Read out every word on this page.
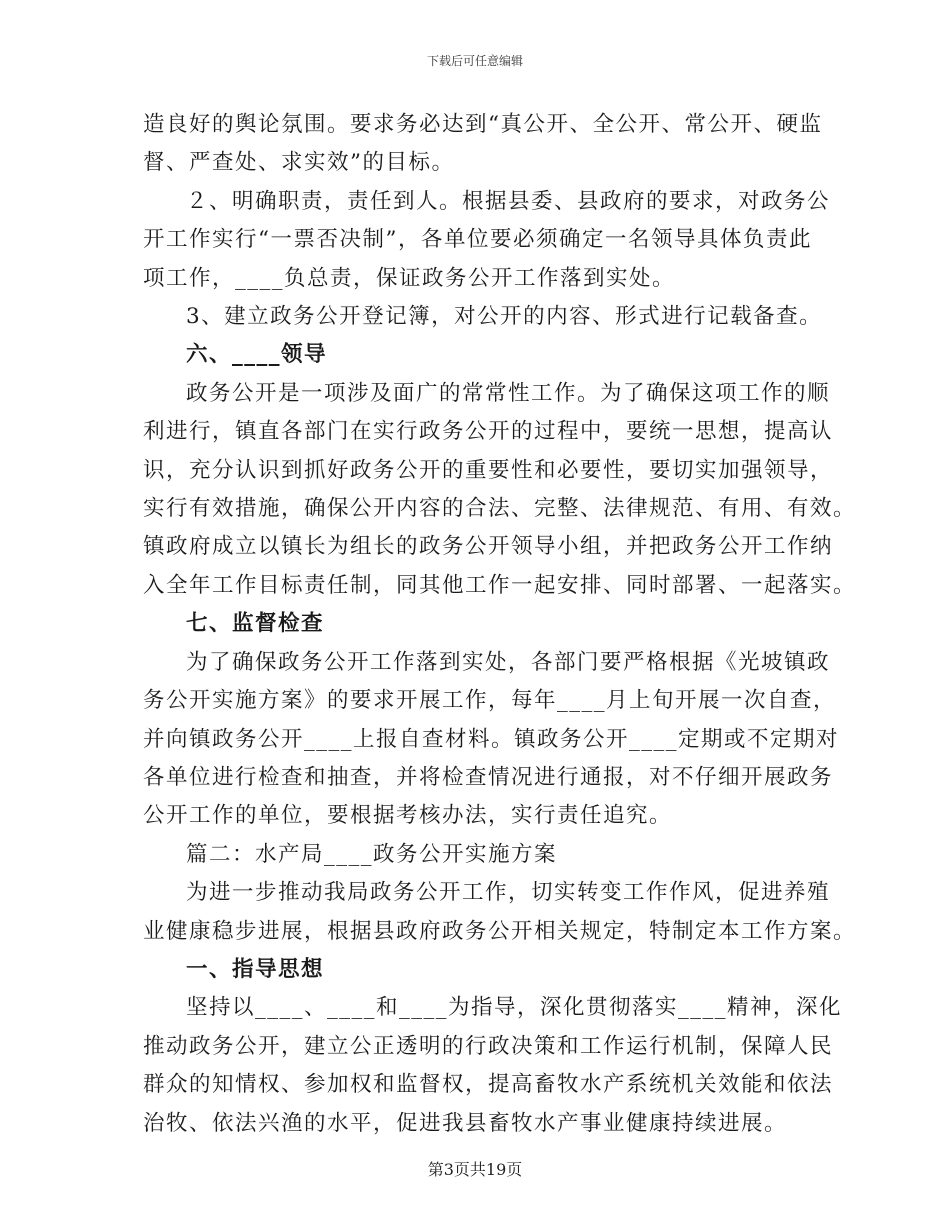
下载后可任意编辑

造良好的舆论氛围。要求务必达到“真公开、全公开、常公开、硬监

督、严查处、求实效”的目标。

２、明确职责，责任到人。根据县委、县政府的要求，对政务公

开工作实行“一票否决制”，各单位要必须确定一名领导具体负责此

项工作，____负总责，保证政务公开工作落到实处。

3、建立政务公开登记簿，对公开的内容、形式进行记载备查。

六、____领导

政务公开是一项涉及面广的常常性工作。为了确保这项工作的顺

利进行，镇直各部门在实行政务公开的过程中，要统一思想，提高认

识，充分认识到抓好政务公开的重要性和必要性，要切实加强领导，

实行有效措施，确保公开内容的合法、完整、法律规范、有用、有效。

镇政府成立以镇长为组长的政务公开领导小组，并把政务公开工作纳

入全年工作目标责任制，同其他工作一起安排、同时部署、一起落实。

七、监督检查

为了确保政务公开工作落到实处，各部门要严格根据《光坡镇政

务公开实施方案》的要求开展工作，每年____月上旬开展一次自查，

并向镇政务公开____上报自查材料。镇政务公开____定期或不定期对

各单位进行检查和抽查，并将检查情况进行通报，对不仔细开展政务

公开工作的单位，要根据考核办法，实行责任追究。

篇二：水产局____政务公开实施方案

为进一步推动我局政务公开工作，切实转变工作作风，促进养殖

业健康稳步进展，根据县政府政务公开相关规定，特制定本工作方案。

一、指导思想

坚持以____、____和____为指导，深化贯彻落实____精神，深化

推动政务公开，建立公正透明的行政决策和工作运行机制，保障人民

群众的知情权、参加权和监督权，提高畜牧水产系统机关效能和依法

治牧、依法兴渔的水平，促进我县畜牧水产事业健康持续进展。

第3页共19页
